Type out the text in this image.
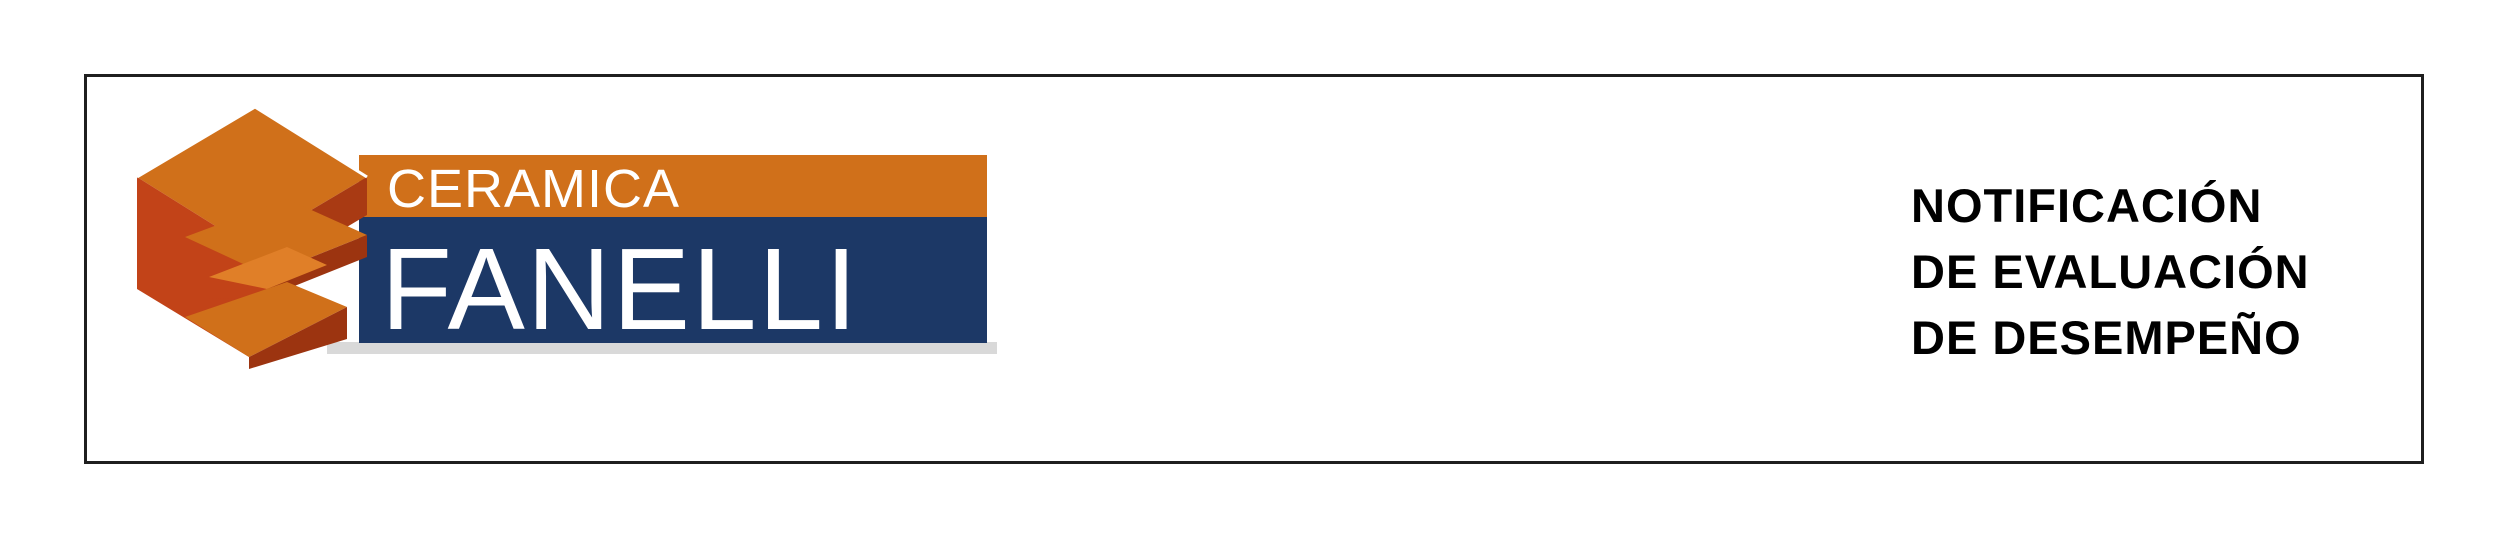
CERAMICA
FANELLI
NOTIFICACIÓN
DE EVALUACIÓN
DE DESEMPEÑO
